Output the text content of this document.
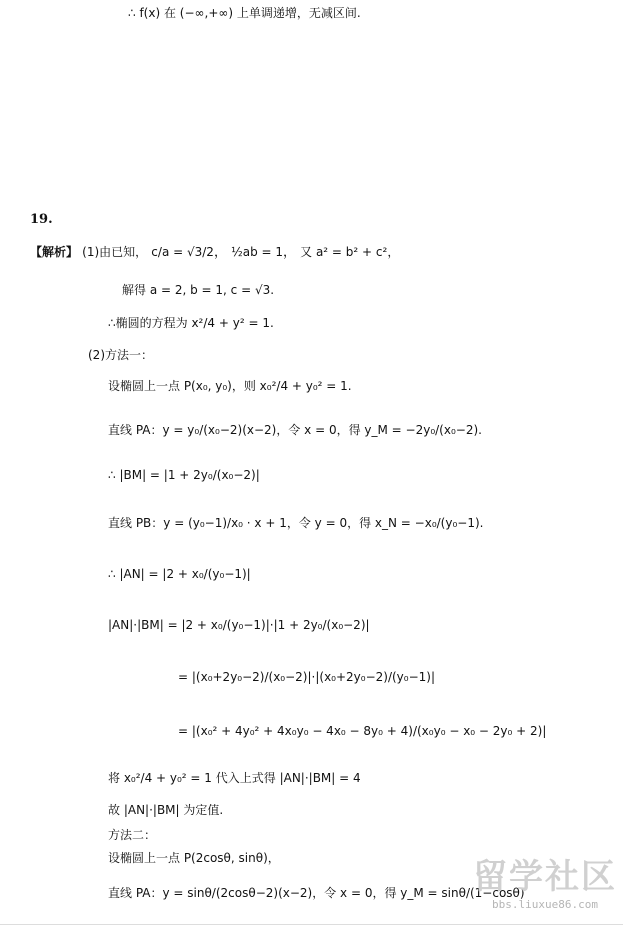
∴ f(x) 在 (−∞,+∞) 上单调递增，无减区间.
19.
【解析】 (1)由已知， c/a = √3/2， ½ab = 1， 又 a² = b² + c²，
解得 a = 2, b = 1, c = √3.
∴椭圆的方程为 x²/4 + y² = 1.
(2)方法一：
设椭圆上一点 P(x₀, y₀)，则 x₀²/4 + y₀² = 1.
直线 PA：y = y₀/(x₀−2)(x−2)，令 x = 0，得 y_M = −2y₀/(x₀−2).
∴ |BM| = |1 + 2y₀/(x₀−2)|
直线 PB：y = (y₀−1)/x₀ · x + 1，令 y = 0，得 x_N = −x₀/(y₀−1).
∴ |AN| = |2 + x₀/(y₀−1)|
|AN|·|BM| = |2 + x₀/(y₀−1)|·|1 + 2y₀/(x₀−2)|
= |(x₀+2y₀−2)/(x₀−2)|·|(x₀+2y₀−2)/(y₀−1)|
= |(x₀² + 4y₀² + 4x₀y₀ − 4x₀ − 8y₀ + 4)/(x₀y₀ − x₀ − 2y₀ + 2)|
将 x₀²/4 + y₀² = 1 代入上式得 |AN|·|BM| = 4
故 |AN|·|BM| 为定值.
方法二：
设椭圆上一点 P(2cosθ, sinθ)，
直线 PA：y = sinθ/(2cosθ−2)(x−2)，令 x = 0，得 y_M = sinθ/(1−cosθ)
留学社区
bbs.liuxue86.com
